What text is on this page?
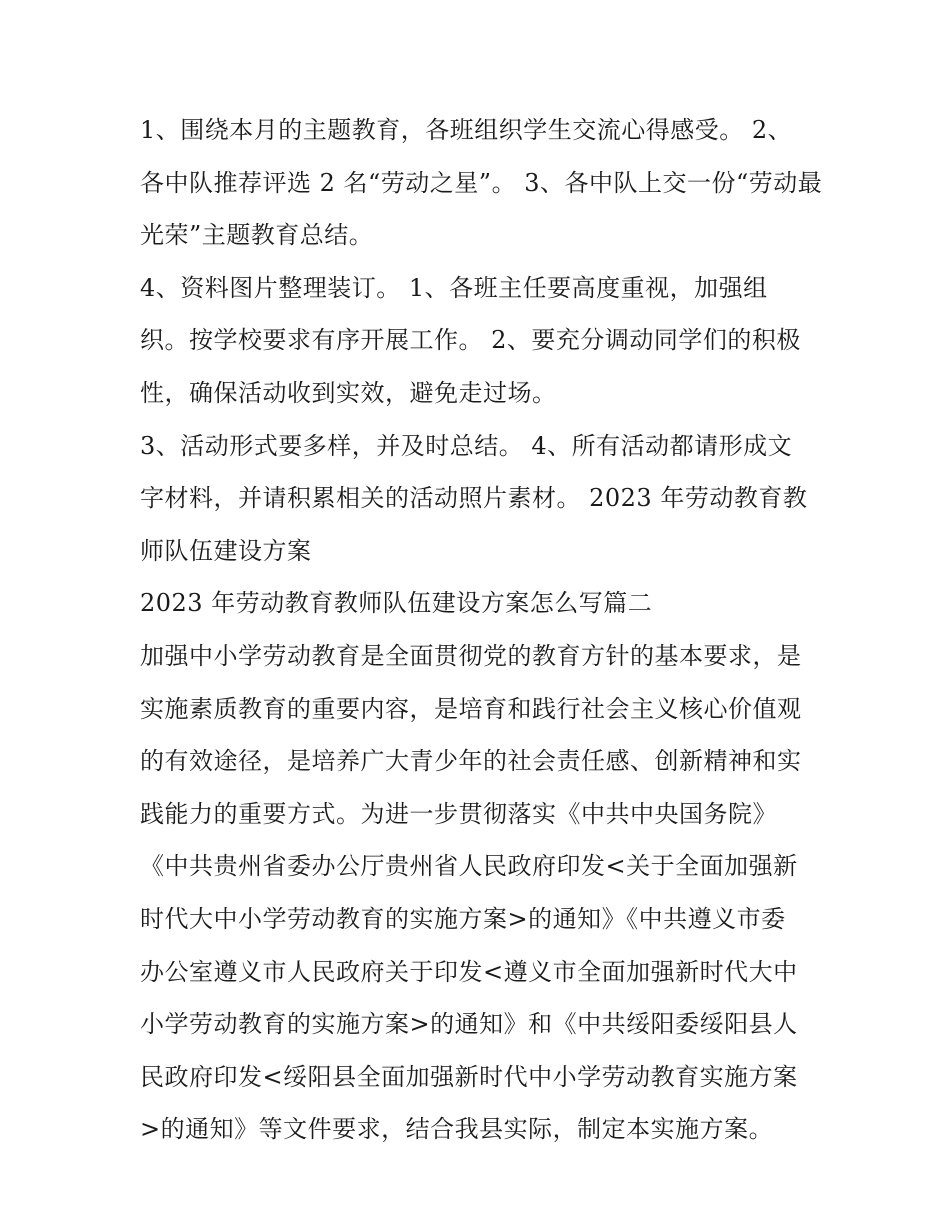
1、围绕本月的主题教育，各班组织学生交流心得感受。 2、
各中队推荐评选 2 名“劳动之星”。 3、各中队上交一份“劳动最
光荣”主题教育总结。
4、资料图片整理装订。 1、各班主任要高度重视，加强组
织。按学校要求有序开展工作。 2、要充分调动同学们的积极
性，确保活动收到实效，避免走过场。
3、活动形式要多样，并及时总结。 4、所有活动都请形成文
字材料，并请积累相关的活动照片素材。 2023 年劳动教育教
师队伍建设方案
2023 年劳动教育教师队伍建设方案怎么写篇二
加强中小学劳动教育是全面贯彻党的教育方针的基本要求，是
实施素质教育的重要内容，是培育和践行社会主义核心价值观
的有效途径，是培养广大青少年的社会责任感、创新精神和实
践能力的重要方式。为进一步贯彻落实《中共中央国务院》
《中共贵州省委办公厅贵州省人民政府印发<关于全面加强新
时代大中小学劳动教育的实施方案>的通知》《中共遵义市委
办公室遵义市人民政府关于印发<遵义市全面加强新时代大中
小学劳动教育的实施方案>的通知》和《中共绥阳委绥阳县人
民政府印发<绥阳县全面加强新时代中小学劳动教育实施方案
>的通知》等文件要求，结合我县实际，制定本实施方案。
